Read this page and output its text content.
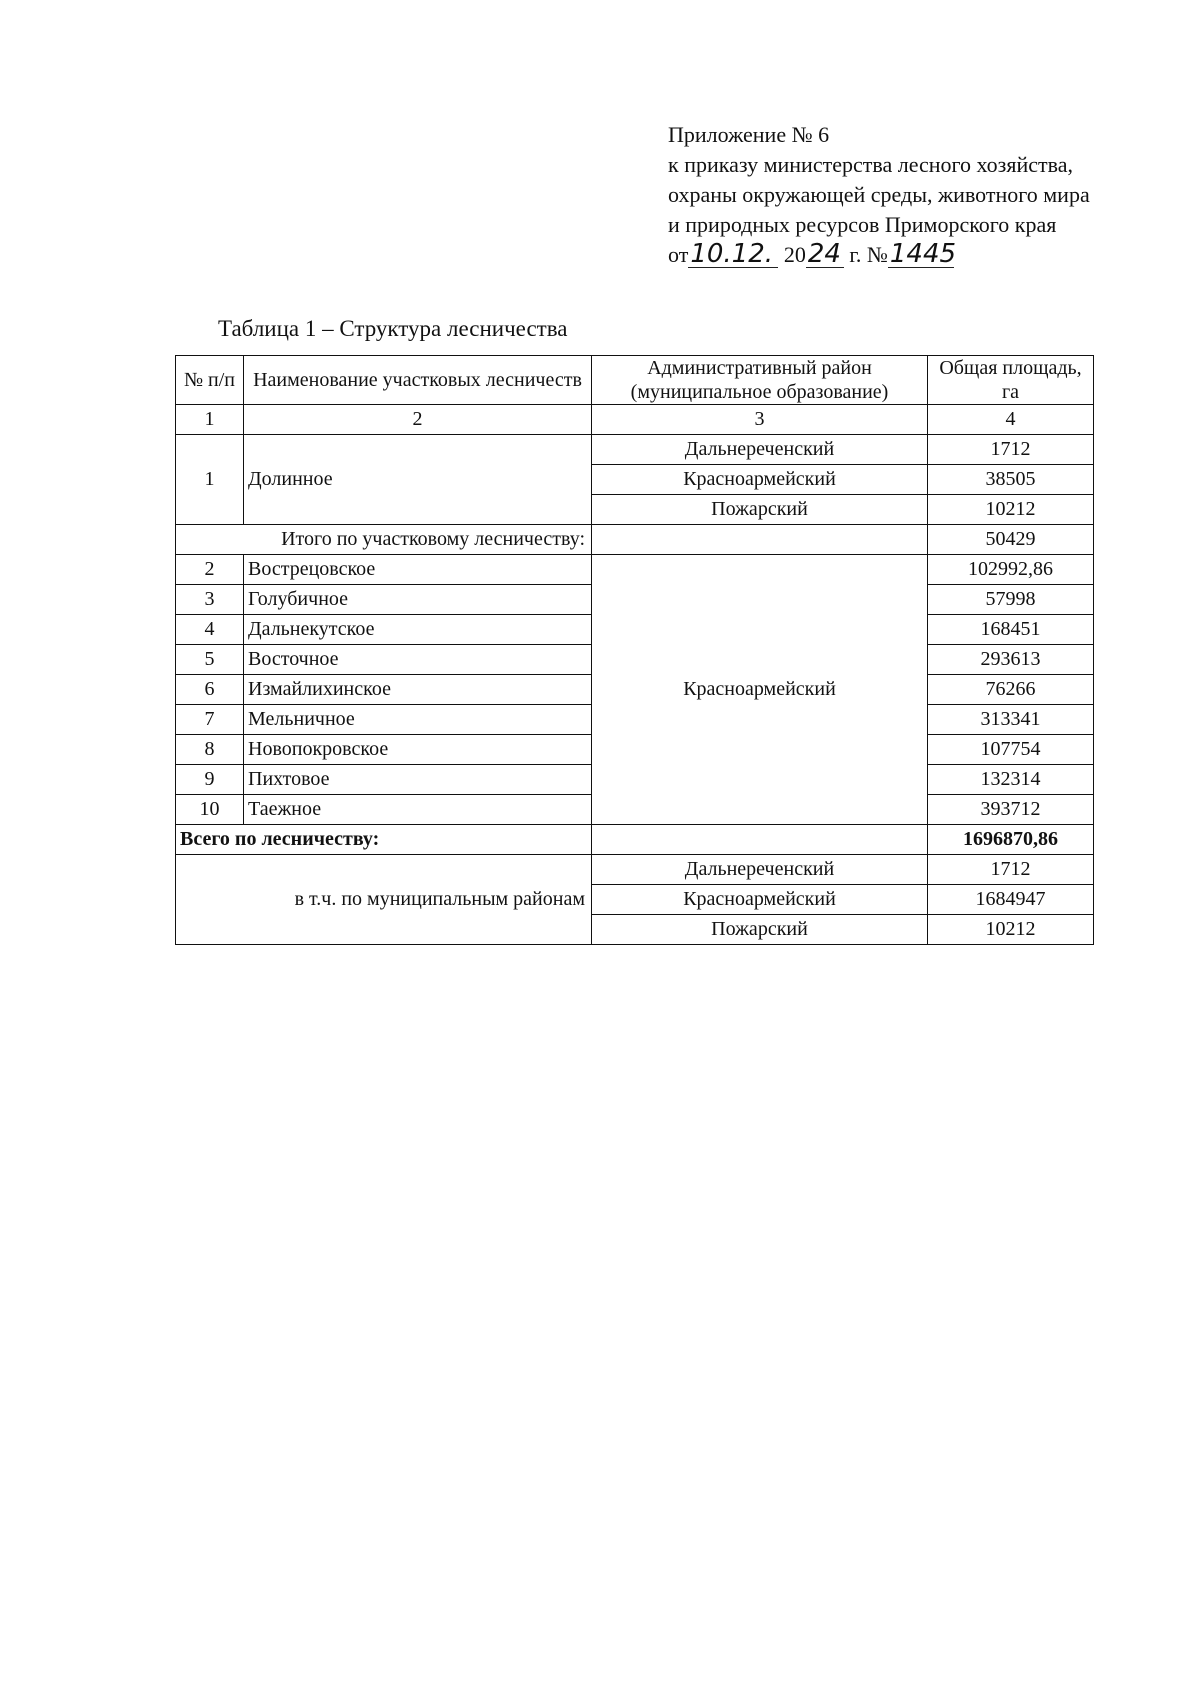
Приложение № 6
к приказу министерства лесного хозяйства,
охраны окружающей среды, животного мира
и природных ресурсов Приморского края
от10.12. 2024 г. №1445
Таблица 1 – Структура лесничества
№ п/п	Наименование участковых лесничеств	Административный район (муниципальное образование)	Общая площадь, га
1	2	3	4
1	Долинное	Дальнереченский	1712
		Красноармейский	38505
		Пожарский	10212
Итого по участковому лесничеству:			50429
2	Вострецовское	Красноармейский	102992,86
3	Голубичное		57998
4	Дальнекутское		168451
5	Восточное		293613
6	Измайлихинское		76266
7	Мельничное		313341
8	Новопокровское		107754
9	Пихтовое		132314
10	Таежное		393712
Всего по лесничеству:			1696870,86
в т.ч. по муниципальным районам		Дальнереченский	1712
		Красноармейский	1684947
		Пожарский	10212
